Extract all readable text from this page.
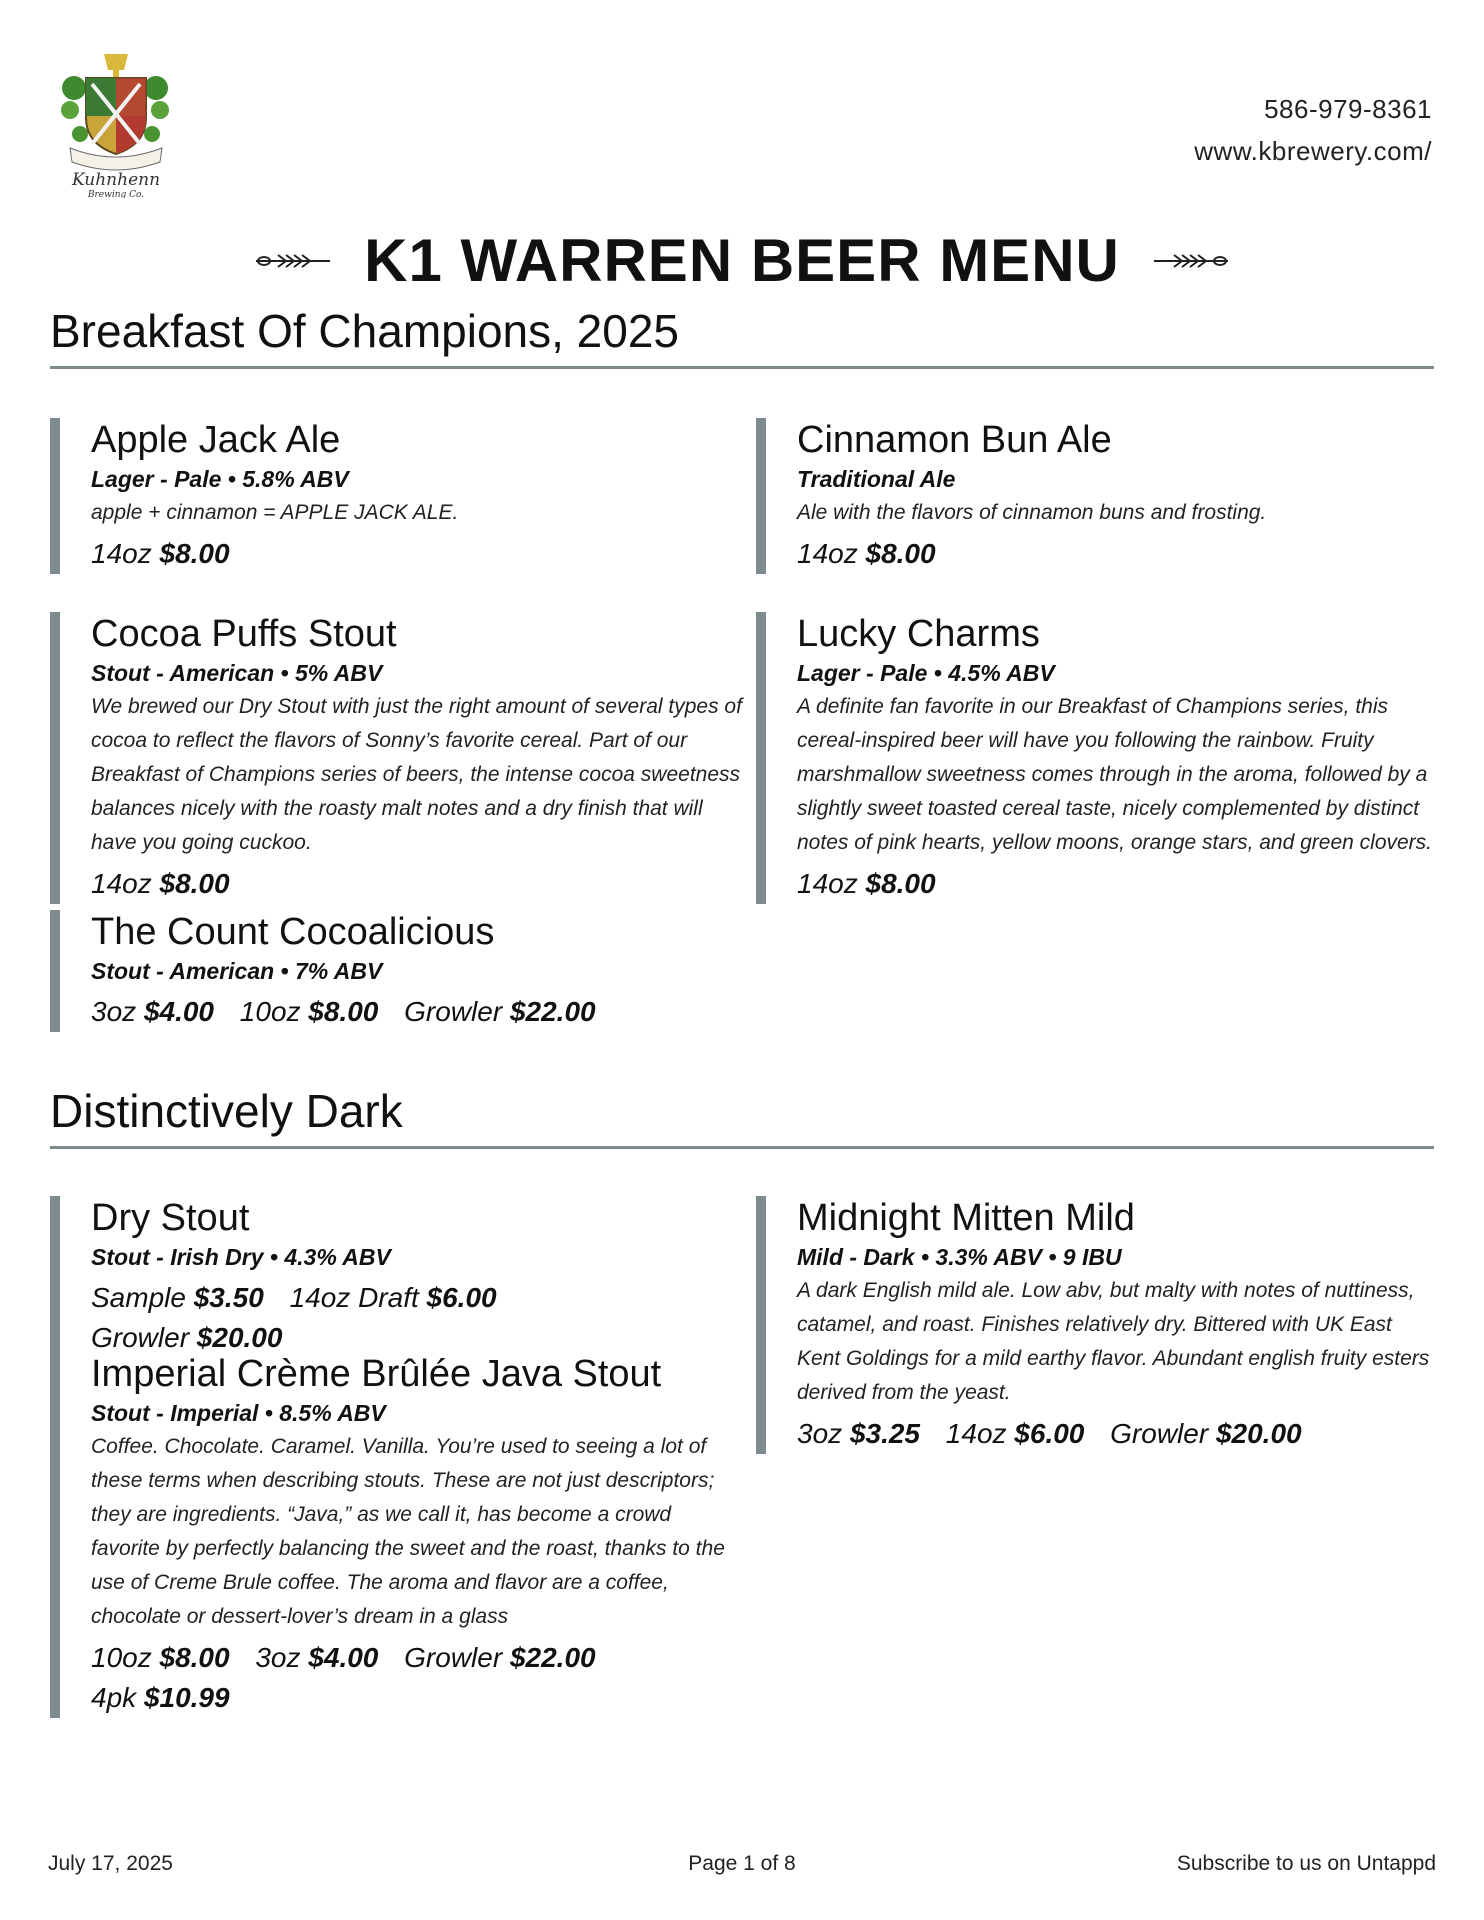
Kuhnhenn
Brewing Co.
586-979-8361
www.kbrewery.com/
K1 WARREN BEER MENU
Breakfast Of Champions, 2025
Apple Jack Ale
Lager - Pale • 5.8% ABV
apple + cinnamon = APPLE JACK ALE.
14oz $8.00
Cinnamon Bun Ale
Traditional Ale
Ale with the flavors of cinnamon buns and frosting.
14oz $8.00
Cocoa Puffs Stout
Stout - American • 5% ABV
We brewed our Dry Stout with just the right amount of several types of cocoa to reflect the flavors of Sonny’s favorite cereal. Part of our Breakfast of Champions series of beers, the intense cocoa sweetness balances nicely with the roasty malt notes and a dry finish that will have you going cuckoo.
14oz $8.00
Lucky Charms
Lager - Pale • 4.5% ABV
A definite fan favorite in our Breakfast of Champions series, this cereal-inspired beer will have you following the rainbow. Fruity marshmallow sweetness comes through in the aroma, followed by a slightly sweet toasted cereal taste, nicely complemented by distinct notes of pink hearts, yellow moons, orange stars, and green clovers.
14oz $8.00
The Count Cocoalicious
Stout - American • 7% ABV
3oz $4.00 10oz $8.00 Growler $22.00
Distinctively Dark
Dry Stout
Stout - Irish Dry • 4.3% ABV
Sample $3.50 14oz Draft $6.00 Growler $20.00
Midnight Mitten Mild
Mild - Dark • 3.3% ABV • 9 IBU
A dark English mild ale. Low abv, but malty with notes of nuttiness, catamel, and roast. Finishes relatively dry. Bittered with UK East Kent Goldings for a mild earthy flavor. Abundant english fruity esters derived from the yeast.
3oz $3.25 14oz $6.00 Growler $20.00
Imperial Crème Brûlée Java Stout
Stout - Imperial • 8.5% ABV
Coffee. Chocolate. Caramel. Vanilla. You’re used to seeing a lot of these terms when describing stouts. These are not just descriptors; they are ingredients. “Java,” as we call it, has become a crowd favorite by perfectly balancing the sweet and the roast, thanks to the use of Creme Brule coffee. The aroma and flavor are a coffee, chocolate or dessert-lover’s dream in a glass
10oz $8.00 3oz $4.00 Growler $22.00 4pk $10.99
July 17, 2025	Page 1 of 8	Subscribe to us on Untappd
